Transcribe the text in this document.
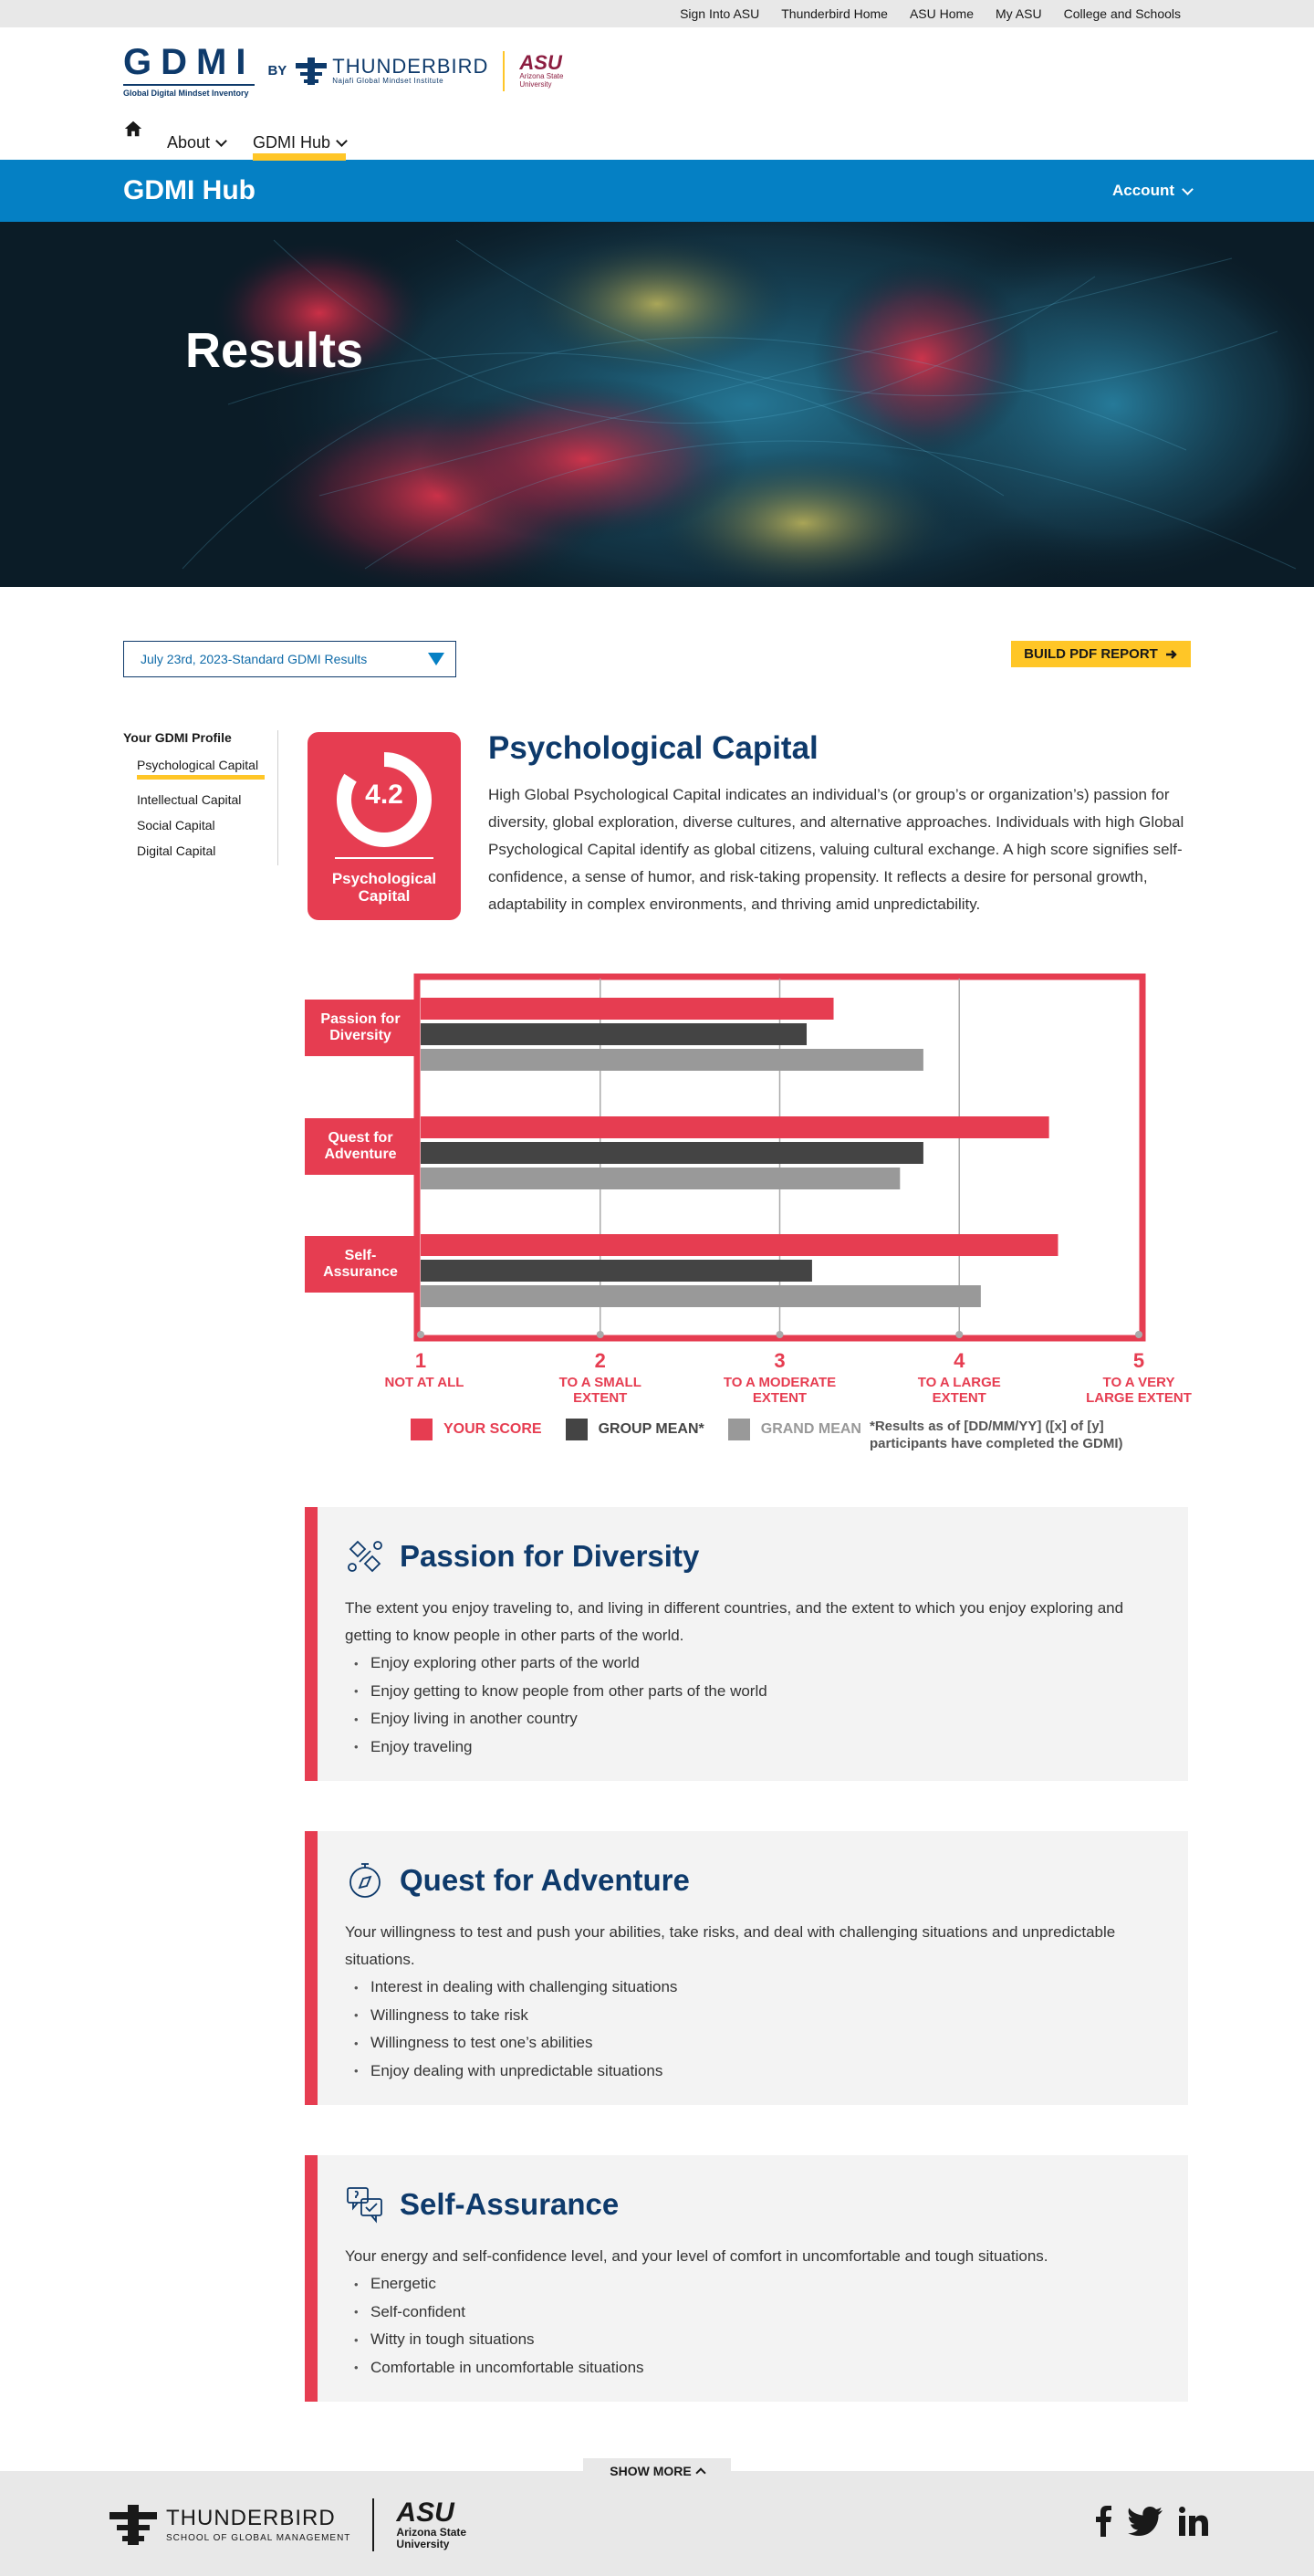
Sign Into ASU	Thunderbird Home	ASU Home	My ASU	College and Schools
GDMI
Global Digital Mindset Inventory
BY THUNDERBIRD
Najafi Global Mindset Institute
ASU
Arizona State
University
About	GDMI Hub
GDMI Hub	Account
Results
July 23rd, 2023-Standard GDMI Results	BUILD PDF REPORT
Your GDMI Profile
Psychological Capital
Intellectual Capital
Social Capital
Digital Capital
4.2
Psychological
Capital
Psychological Capital

High Global Psychological Capital indicates an individual’s (or group’s or organization’s) passion for diversity, global exploration, diverse cultures, and alternative approaches. Individuals with high Global Psychological Capital identify as global citizens, valuing cultural exchange. A high score signifies self-confidence, a sense of humor, and risk-taking propensity. It reflects a desire for personal growth, adaptability in complex environments, and thriving amid unpredictability.

Passion for
Diversity
Quest for
Adventure
Self-
Assurance
1
NOT AT ALL
2
TO A SMALL
EXTENT
3
TO A MODERATE
EXTENT
4
TO A LARGE
EXTENT
5
TO A VERY
LARGE EXTENT
YOUR SCORE	GROUP MEAN*	GRAND MEAN *Results as of [DD/MM/YY] ([x] of [y] participants have completed the GDMI)
Passion for Diversity

The extent you enjoy traveling to, and living in different countries, and the extent to which you enjoy exploring and getting to know people in other parts of the world.

• Enjoy exploring other parts of the world
• Enjoy getting to know people from other parts of the world
• Enjoy living in another country
• Enjoy traveling
Quest for Adventure

Your willingness to test and push your abilities, take risks, and deal with challenging situations and unpredictable situations.

• Interest in dealing with challenging situations
• Willingness to take risk
• Willingness to test one’s abilities
• Enjoy dealing with unpredictable situations
Self-Assurance

Your energy and self-confidence level, and your level of comfort in uncomfortable and tough situations.

• Energetic
• Self-confident
• Witty in tough situations
• Comfortable in uncomfortable situations
SHOW MORE
THUNDERBIRD
SCHOOL OF GLOBAL MANAGEMENT
ASU
Arizona State
University
